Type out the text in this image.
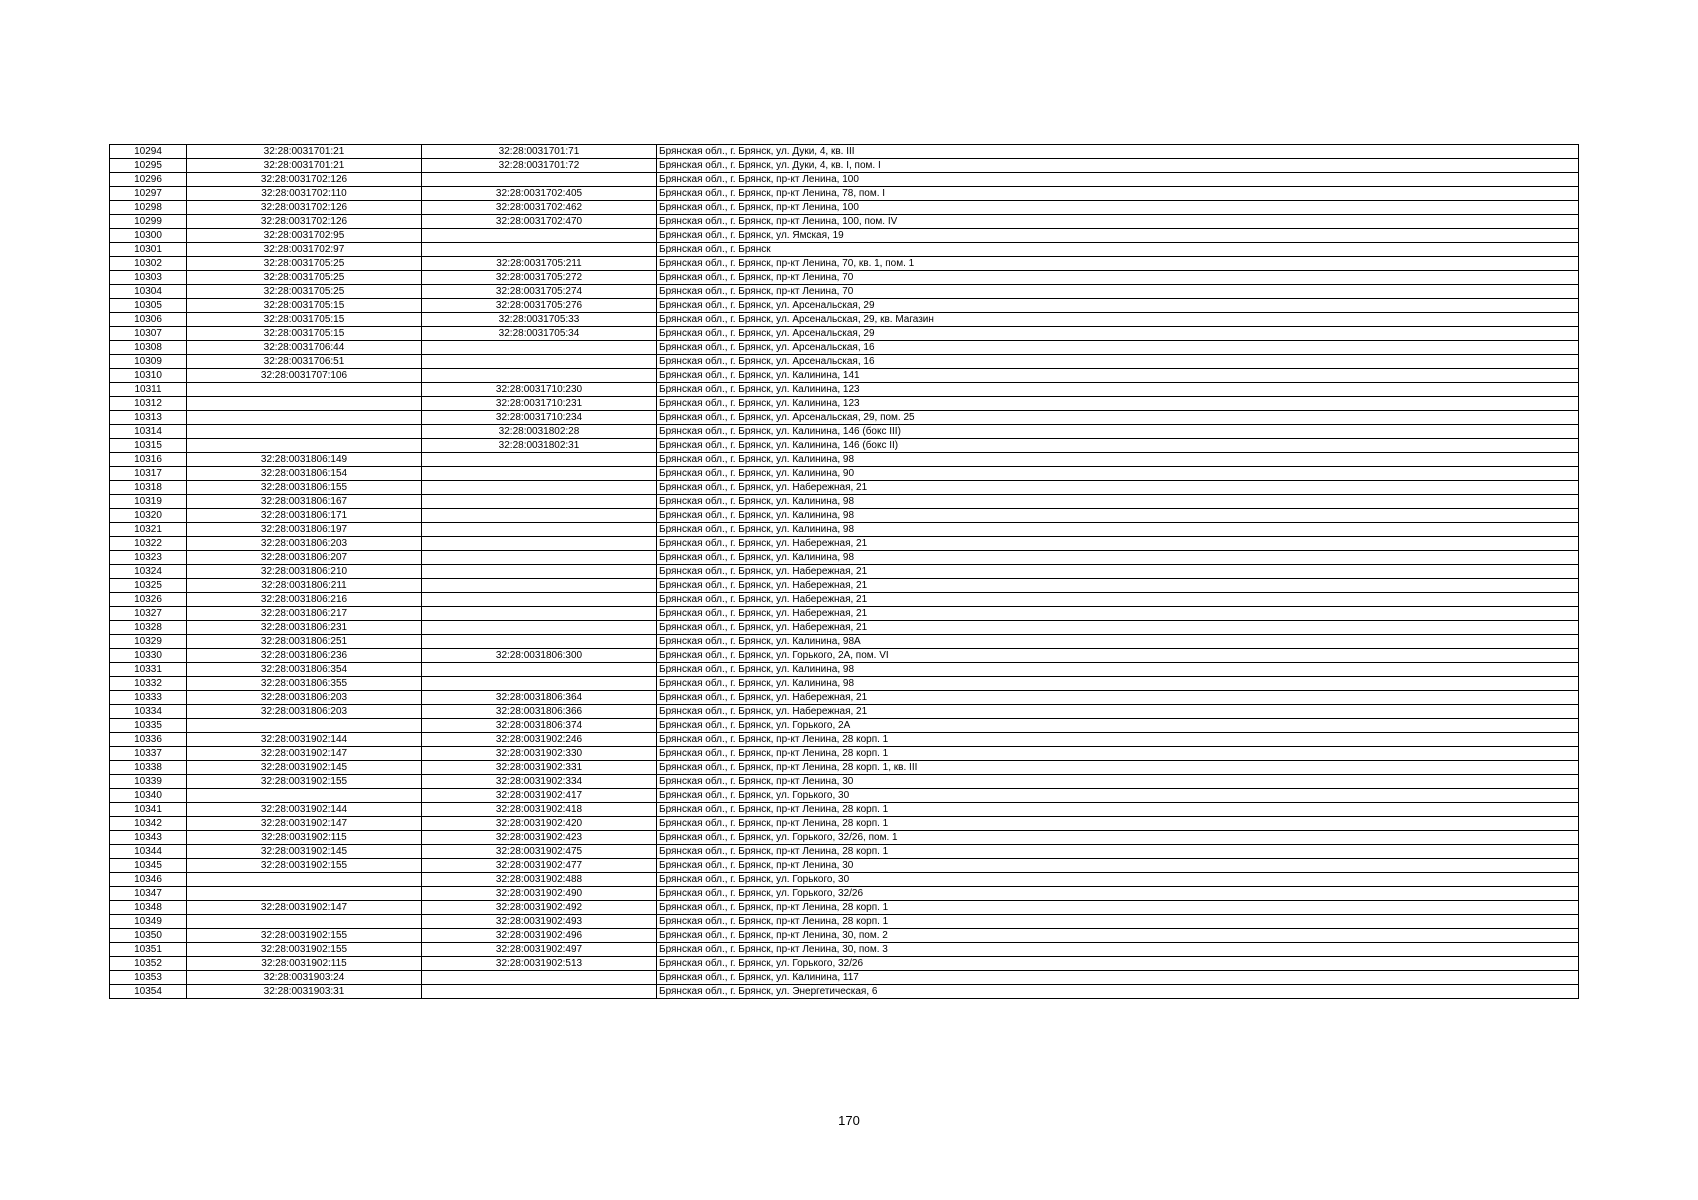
10294	32:28:0031701:21	32:28:0031701:71	Брянская обл., г. Брянск, ул. Дуки, 4, кв. III
10295	32:28:0031701:21	32:28:0031701:72	Брянская обл., г. Брянск, ул. Дуки, 4, кв. I, пом. I
10296	32:28:0031702:126		Брянская обл., г. Брянск, пр-кт Ленина, 100
10297	32:28:0031702:110	32:28:0031702:405	Брянская обл., г. Брянск, пр-кт Ленина, 78, пом. I
10298	32:28:0031702:126	32:28:0031702:462	Брянская обл., г. Брянск, пр-кт Ленина, 100
10299	32:28:0031702:126	32:28:0031702:470	Брянская обл., г. Брянск, пр-кт Ленина, 100, пом. IV
10300	32:28:0031702:95		Брянская обл., г. Брянск, ул. Ямская, 19
10301	32:28:0031702:97		Брянская обл., г. Брянск
10302	32:28:0031705:25	32:28:0031705:211	Брянская обл., г. Брянск, пр-кт Ленина, 70, кв. 1, пом. 1
10303	32:28:0031705:25	32:28:0031705:272	Брянская обл., г. Брянск, пр-кт Ленина, 70
10304	32:28:0031705:25	32:28:0031705:274	Брянская обл., г. Брянск, пр-кт Ленина, 70
10305	32:28:0031705:15	32:28:0031705:276	Брянская обл., г. Брянск, ул. Арсенальская, 29
10306	32:28:0031705:15	32:28:0031705:33	Брянская обл., г. Брянск, ул. Арсенальская, 29, кв. Магазин
10307	32:28:0031705:15	32:28:0031705:34	Брянская обл., г. Брянск, ул. Арсенальская, 29
10308	32:28:0031706:44		Брянская обл., г. Брянск, ул. Арсенальская, 16
10309	32:28:0031706:51		Брянская обл., г. Брянск, ул. Арсенальская, 16
10310	32:28:0031707:106		Брянская обл., г. Брянск, ул. Калинина, 141
10311		32:28:0031710:230	Брянская обл., г. Брянск, ул. Калинина, 123
10312		32:28:0031710:231	Брянская обл., г. Брянск, ул. Калинина, 123
10313		32:28:0031710:234	Брянская обл., г. Брянск, ул. Арсенальская, 29, пом. 25
10314		32:28:0031802:28	Брянская обл., г. Брянск, ул. Калинина, 146 (бокс III)
10315		32:28:0031802:31	Брянская обл., г. Брянск, ул. Калинина, 146 (бокс II)
10316	32:28:0031806:149		Брянская обл., г. Брянск, ул. Калинина, 98
10317	32:28:0031806:154		Брянская обл., г. Брянск, ул. Калинина, 90
10318	32:28:0031806:155		Брянская обл., г. Брянск, ул. Набережная, 21
10319	32:28:0031806:167		Брянская обл., г. Брянск, ул. Калинина, 98
10320	32:28:0031806:171		Брянская обл., г. Брянск, ул. Калинина, 98
10321	32:28:0031806:197		Брянская обл., г. Брянск, ул. Калинина, 98
10322	32:28:0031806:203		Брянская обл., г. Брянск, ул. Набережная, 21
10323	32:28:0031806:207		Брянская обл., г. Брянск, ул. Калинина, 98
10324	32:28:0031806:210		Брянская обл., г. Брянск, ул. Набережная, 21
10325	32:28:0031806:211		Брянская обл., г. Брянск, ул. Набережная, 21
10326	32:28:0031806:216		Брянская обл., г. Брянск, ул. Набережная, 21
10327	32:28:0031806:217		Брянская обл., г. Брянск, ул. Набережная, 21
10328	32:28:0031806:231		Брянская обл., г. Брянск, ул. Набережная, 21
10329	32:28:0031806:251		Брянская обл., г. Брянск, ул. Калинина, 98А
10330	32:28:0031806:236	32:28:0031806:300	Брянская обл., г. Брянск, ул. Горького, 2А, пом. VI
10331	32:28:0031806:354		Брянская обл., г. Брянск, ул. Калинина, 98
10332	32:28:0031806:355		Брянская обл., г. Брянск, ул. Калинина, 98
10333	32:28:0031806:203	32:28:0031806:364	Брянская обл., г. Брянск, ул. Набережная, 21
10334	32:28:0031806:203	32:28:0031806:366	Брянская обл., г. Брянск, ул. Набережная, 21
10335		32:28:0031806:374	Брянская обл., г. Брянск, ул. Горького, 2А
10336	32:28:0031902:144	32:28:0031902:246	Брянская обл., г. Брянск, пр-кт Ленина, 28 корп. 1
10337	32:28:0031902:147	32:28:0031902:330	Брянская обл., г. Брянск, пр-кт Ленина, 28 корп. 1
10338	32:28:0031902:145	32:28:0031902:331	Брянская обл., г. Брянск, пр-кт Ленина, 28 корп. 1, кв. III
10339	32:28:0031902:155	32:28:0031902:334	Брянская обл., г. Брянск, пр-кт Ленина, 30
10340		32:28:0031902:417	Брянская обл., г. Брянск, ул. Горького, 30
10341	32:28:0031902:144	32:28:0031902:418	Брянская обл., г. Брянск, пр-кт Ленина, 28 корп. 1
10342	32:28:0031902:147	32:28:0031902:420	Брянская обл., г. Брянск, пр-кт Ленина, 28 корп. 1
10343	32:28:0031902:115	32:28:0031902:423	Брянская обл., г. Брянск, ул. Горького, 32/26, пом. 1
10344	32:28:0031902:145	32:28:0031902:475	Брянская обл., г. Брянск, пр-кт Ленина, 28 корп. 1
10345	32:28:0031902:155	32:28:0031902:477	Брянская обл., г. Брянск, пр-кт Ленина, 30
10346		32:28:0031902:488	Брянская обл., г. Брянск, ул. Горького, 30
10347		32:28:0031902:490	Брянская обл., г. Брянск, ул. Горького, 32/26
10348	32:28:0031902:147	32:28:0031902:492	Брянская обл., г. Брянск, пр-кт Ленина, 28 корп. 1
10349		32:28:0031902:493	Брянская обл., г. Брянск, пр-кт Ленина, 28 корп. 1
10350	32:28:0031902:155	32:28:0031902:496	Брянская обл., г. Брянск, пр-кт Ленина, 30, пом. 2
10351	32:28:0031902:155	32:28:0031902:497	Брянская обл., г. Брянск, пр-кт Ленина, 30, пом. 3
10352	32:28:0031902:115	32:28:0031902:513	Брянская обл., г. Брянск, ул. Горького, 32/26
10353	32:28:0031903:24		Брянская обл., г. Брянск, ул. Калинина, 117
10354	32:28:0031903:31		Брянская обл., г. Брянск, ул. Энергетическая, 6
170
